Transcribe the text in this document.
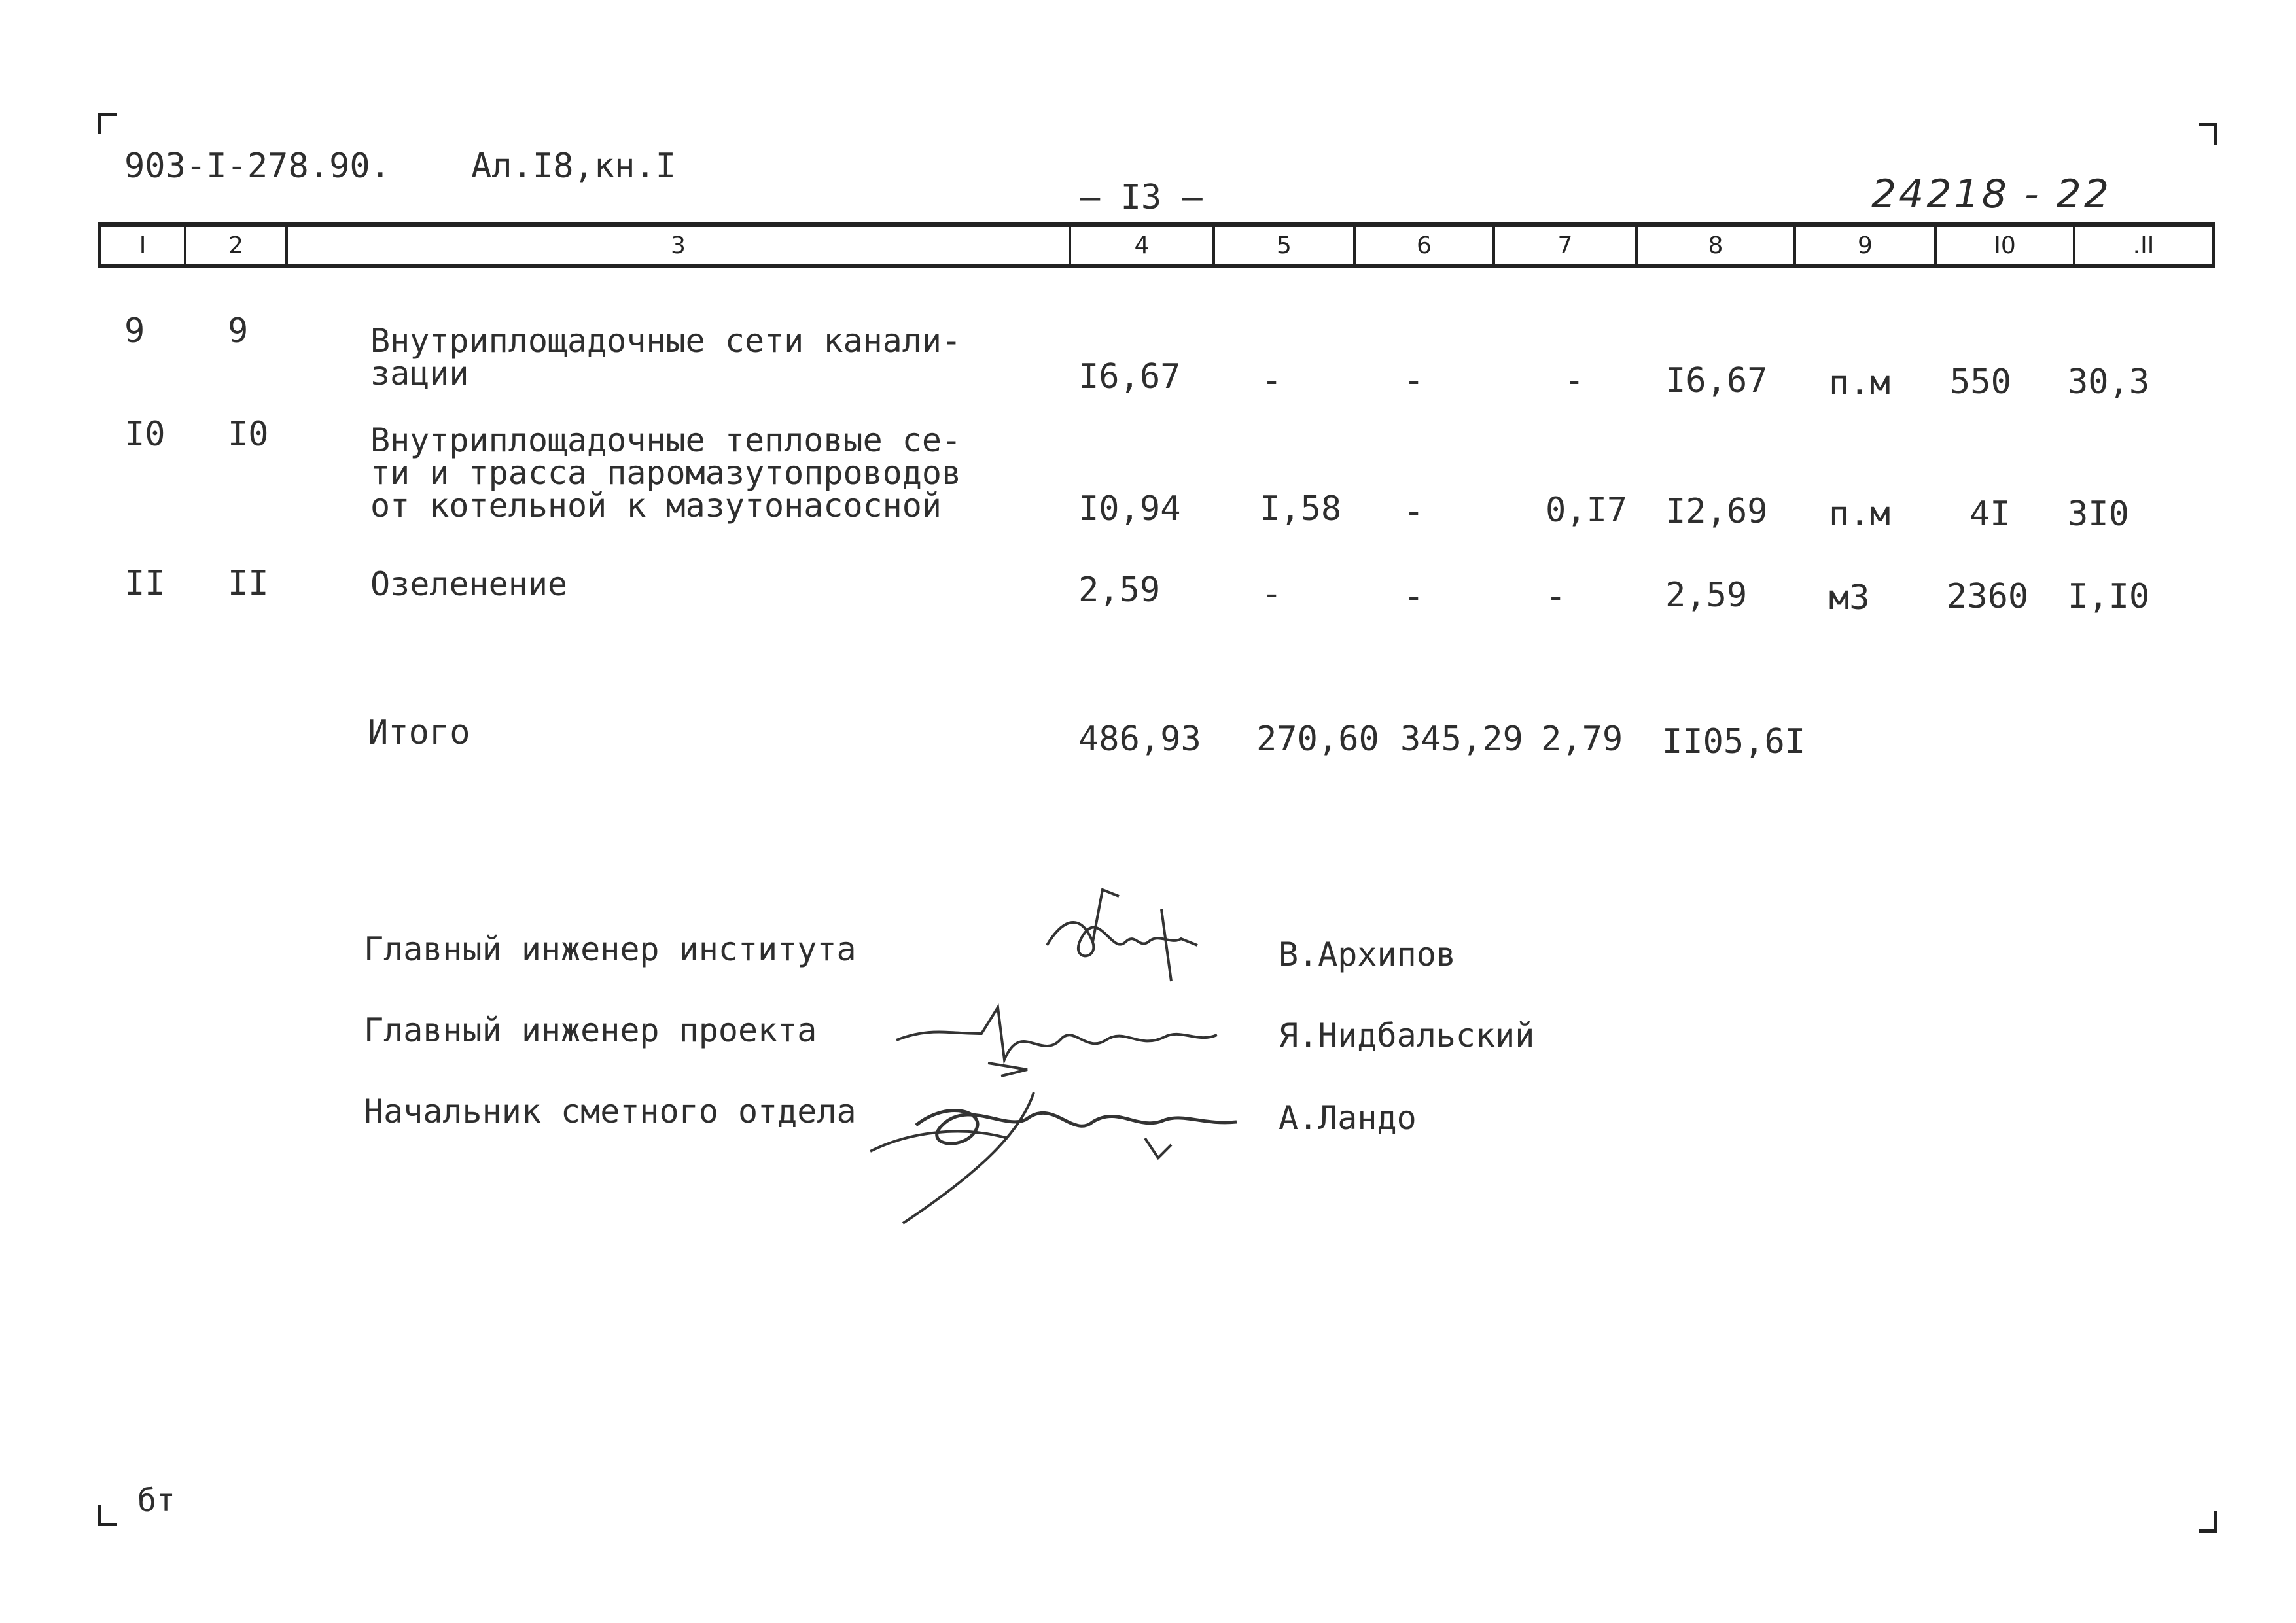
903-I-278.90. Ал.I8,кн.I
— I3 —	24218 - 22
I	2	3	4	5	6	7	8	9	I0	.II
9 9	Внутриплощадочные сети канали-
зации	I6,67 -	-	- I6,67 п.м 550 30,3
I0 I0	Внутриплощадочные тепловые се-
ти и трасса паромазутопроводов
от котельной к мазутонасосной	I0,94 I,58 -	0,I7 I2,69 п.м 4I 3I0
II II	Озеленение	2,59	-	-	-	2,59 м3 2360 I,I0
Итого	486,93 270,60 345,29 2,79 II05,6I
Главный инженер института	В.Архипов
Главный инженер проекта	Я.Нидбальский
Начальник сметного отдела	А.Ландо
бт
